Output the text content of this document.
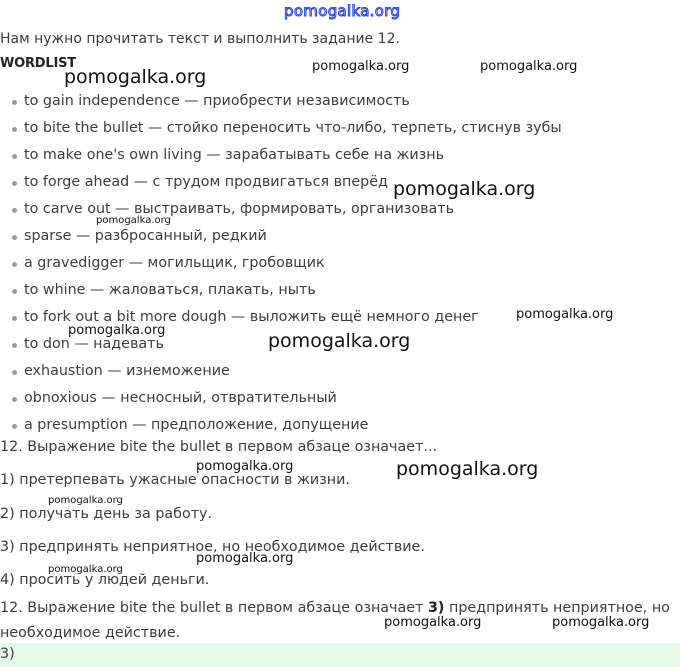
pomogalka.org
Нам нужно прочитать текст и выполнить задание 12.
WORDLIST
to gain independence — приобрести независимость
to bite the bullet — стойко переносить что-либо, терпеть, стиснув зубы
to make one's own living — зарабатывать себе на жизнь
to forge ahead — с трудом продвигаться вперёд
to carve out — выстраивать, формировать, организовать
sparse — разбросанный, редкий
a gravedigger — могильщик, гробовщик
to whine — жаловаться, плакать, ныть
to fork out a bit more dough — выложить ещё немного денег
to don — надевать
exhaustion — изнеможение
obnoxious — несносный, отвратительный
a presumption — предположение, допущение
12. Выражение bite the bullet в первом абзаце означает...
1) претерпевать ужасные опасности в жизни.
2) получать день за работу.
3) предпринять неприятное, но необходимое действие.
4) просить у людей деньги.
12. Выражение bite the bullet в первом абзаце означает 3) предпринять неприятное, но необходимое действие.
3)
pomogalka.org	pomogalka.org	pomogalka.org
pomogalka.org
pomogalka.org
pomogalka.org
pomogalka.org	pomogalka.org
pomogalka.org	pomogalka.org
pomogalka.org
pomogalka.org
pomogalka.org
pomogalka.org	pomogalka.org
